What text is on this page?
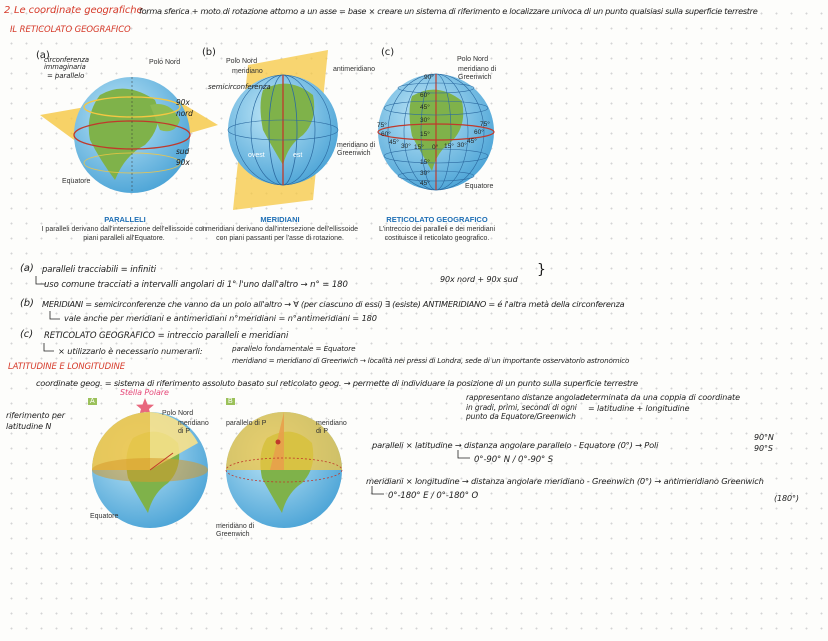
2 Le coordinate geografiche
forma sferica + moto di rotazione attorno a un asse = base × creare un sistema di riferimento e localizzare univoca di un punto qualsiasi sulla superficie terrestre
IL RETICOLATO GEOGRAFICO
(a)	(b)	(c)
circonferenza immaginaria
= parallelo
Polo Nord
90x nord
sud 90x
Equatore
Polo Nord
meridiano
semicirconferenza
antimeridiano
ovest	est
meridiano di Greenwich
Polo Nord
meridiano di Greenwich
Equatore
90°
60°
45°
30°
15°
15°
30°
45°
75°
60°
45°
30° 15° 0° 15° 30°
45°
60°
75°
PARALLELI
I paralleli derivano dall'intersezione dell'ellissoide con piani paralleli all'Equatore.
MERIDIANI
I meridiani derivano dall'intersezione dell'ellissoide con piani passanti per l'asse di rotazione.
RETICOLATO GEOGRAFICO
L'intreccio dei paralleli e dei meridiani costituisce il reticolato geografico.
(a) paralleli tracciabili = infiniti
uso comune tracciati a intervalli angolari di 1° l'uno dall'altro → n° = 180
90x nord + 90x sud
}
(b) MERIDIANI = semicirconferenze che vanno da un polo all'altro → ∀ (per ciascuno di essi) ∃ (esiste) ANTIMERIDIANO = é l'altra metà della circonferenza
vale anche per meridiani e antimeridiani n°meridiani = n°antimeridiani = 180
(c) RETICOLATO GEOGRAFICO = intreccio paralleli e meridiani
× utilizzarlo è necessario numerarli:	parallelo fondamentale = Equatore
meridiano = meridiano di Greenwich → località nei pressi di Londra, sede di un importante osservatorio astronomico
LATITUDINE E LONGITUDINE
coordinate geog. = sistema di riferimento assoluto basato sul reticolato geog. → permette di individuare la posizione di un punto sulla superficie terrestre
Stella Polare
riferimento per latitudine N
determinata da una coppia di coordinate
= latitudine + longitudine
rappresentano distanze angolari in gradi, primi, secondi di ogni punto da Equatore/Greenwich
paralleli × latitudine → distanza angolare parallelo - Equatore (0°) → Poli
90°N
90°S
0°-90° N / 0°-90° S
meridiani × longitudine → distanza angolare meridiano - Greenwich (0°) → antimeridiano Greenwich
(180°)
0°-180° E / 0°-180° O
A	B
Polo Nord
meridiano di P
Equatore
parallelo di P	meridiano di P
meridiano di Greenwich
